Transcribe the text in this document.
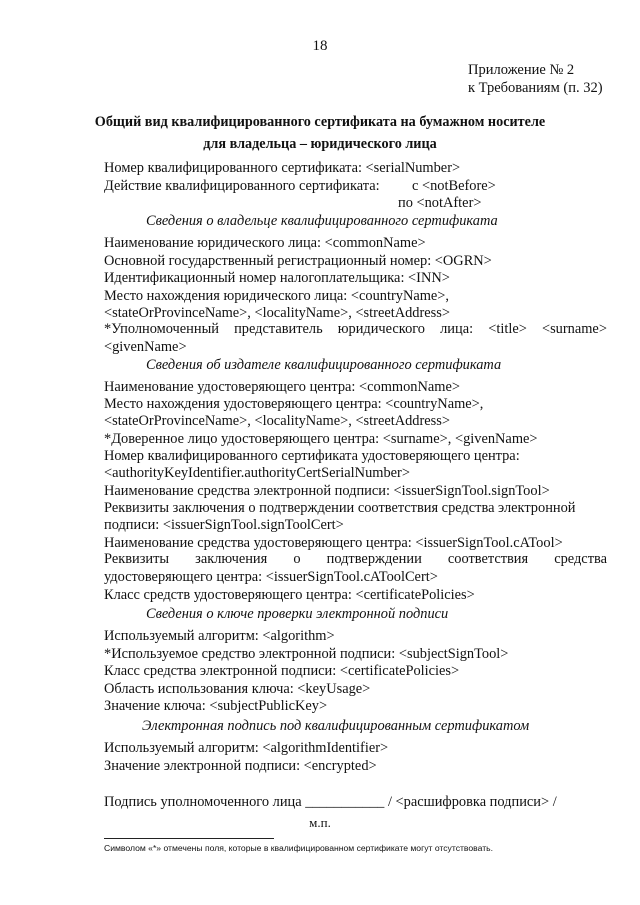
18
Приложение № 2
к Требованиям (п. 32)
Общий вид квалифицированного сертификата на бумажном носителе
для владельца – юридического лица
Номер квалифицированного сертификата: <serialNumber>
Действие квалифицированного сертификата: с <notBefore>
по <notAfter>
Сведения о владельце квалифицированного сертификата
Наименование юридического лица: <commonName>
Основной государственный регистрационный номер: <OGRN>
Идентификационный номер налогоплательщика: <INN>
Место нахождения юридического лица: <countryName>,
<stateOrProvinceName>, <localityName>, <streetAddress>
*Уполномоченный представитель юридического лица: <title> <surname>
<givenName>
Сведения об издателе квалифицированного сертификата
Наименование удостоверяющего центра: <commonName>
Место нахождения удостоверяющего центра: <countryName>,
<stateOrProvinceName>, <localityName>, <streetAddress>
*Доверенное лицо удостоверяющего центра: <surname>, <givenName>
Номер квалифицированного сертификата удостоверяющего центра:
<authorityKeyIdentifier.authorityCertSerialNumber>
Наименование средства электронной подписи: <issuerSignTool.signTool>
Реквизиты заключения о подтверждении соответствия средства электронной
подписи: <issuerSignTool.signToolCert>
Наименование средства удостоверяющего центра: <issuerSignTool.cATool>
Реквизиты заключения о подтверждении соответствия средства
удостоверяющего центра: <issuerSignTool.cAToolCert>
Класс средств удостоверяющего центра: <certificatePolicies>
Сведения о ключе проверки электронной подписи
Используемый алгоритм: <algorithm>
*Используемое средство электронной подписи: <subjectSignTool>
Класс средства электронной подписи: <certificatePolicies>
Область использования ключа: <keyUsage>
Значение ключа: <subjectPublicKey>
Электронная подпись под квалифицированным сертификатом
Используемый алгоритм: <algorithmIdentifier>
Значение электронной подписи: <encrypted>
Подпись уполномоченного лица ___________ / <расшифровка подписи> /
м.п.
Символом «*» отмечены поля, которые в квалифицированном сертификате могут отсутствовать.
